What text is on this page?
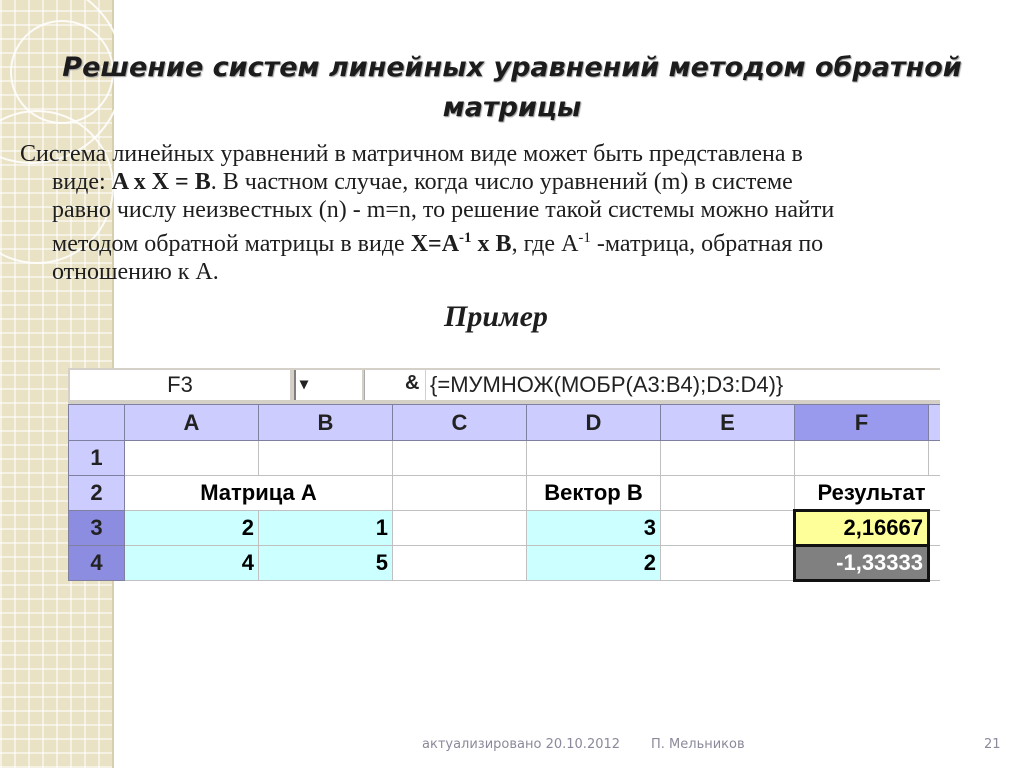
Решение систем линейных уравнений методом обратной матрицы
Система линейных уравнений в матричном виде может быть представлена в
виде: A x X = B. В частном случае, когда число уравнений (m) в системе
равно числу неизвестных (n) - m=n, то решение такой системы можно найти
методом обратной матрицы в виде $X=A^{-1}$ x B, где $A^{-1}$ -матрица, обратная по
отношению к A.
Пример
F3	▾	& {=МУМНОЖ(МОБР(A3:B4);D3:D4)}
	A	B	C	D	E	F	
1							
2	Матрица A			Вектор B		Результат	
3	2	1		3		2,16667	
4	4	5		2		-1,33333	
актуализировано 20.10.2012 П. Мельников	21
